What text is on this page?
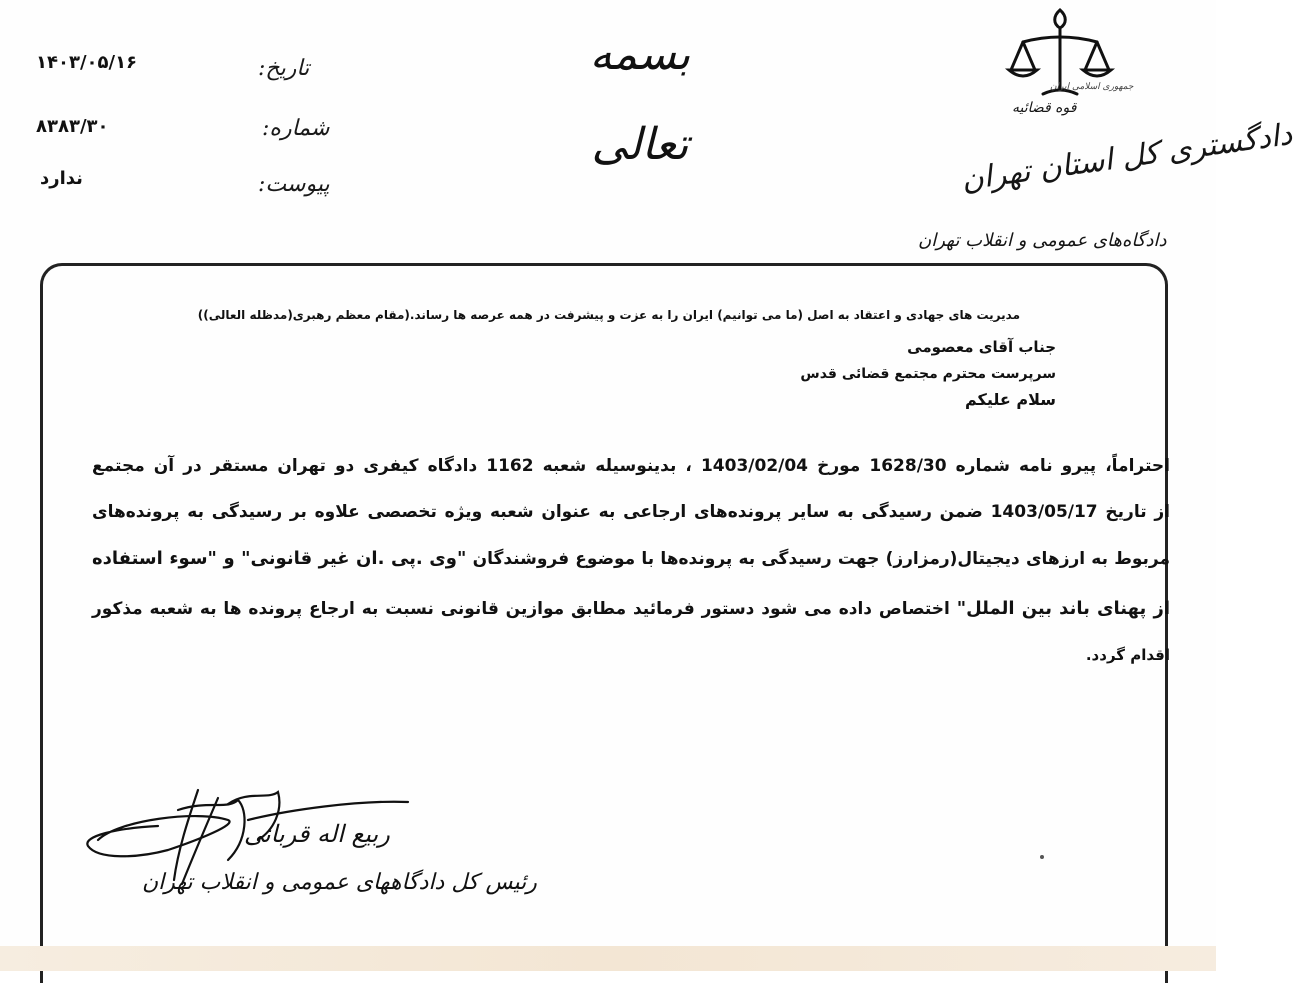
۱۴۰۳/۰۵/۱۶	تاریخ:
۸۳۸۳/۳۰	شماره:
ندارد	پیوست:
بسمه تعالی
قوه قضائیه
جمهوری اسلامی ایران
دادگستری کل استان تهران
دادگاه‌های عمومی و انقلاب تهران
مدیریت های جهادی و اعتقاد به اصل (ما می توانیم) ایران را به عزت و پیشرفت در همه عرصه ها رساند.(مقام معظم رهبری(مدظله العالی))
جناب آقای معصومی
سرپرست محترم مجتمع قضائی قدس
سلام علیکم
احتراماً، پیرو نامه شماره 1628/30 مورخ 1403/02/04 ، بدینوسیله شعبه 1162 دادگاه کیفری دو تهران مستقر در آن مجتمع
از تاریخ 1403/05/17 ضمن رسیدگی به سایر پرونده‌های ارجاعی به عنوان شعبه ویژه تخصصی علاوه بر رسیدگی به پرونده‌های
مربوط به ارزهای دیجیتال(رمزارز) جهت رسیدگی به پرونده‌ها با موضوع فروشندگان "وی .پی .ان غیر قانونی" و "سوء استفاده
از پهنای باند بین الملل" اختصاص داده می شود دستور فرمائید مطابق موازین قانونی نسبت به ارجاع پرونده ها به شعبه مذکور
اقدام گردد.
ربیع اله قربانی
رئیس کل دادگاههای عمومی و انقلاب تهران
